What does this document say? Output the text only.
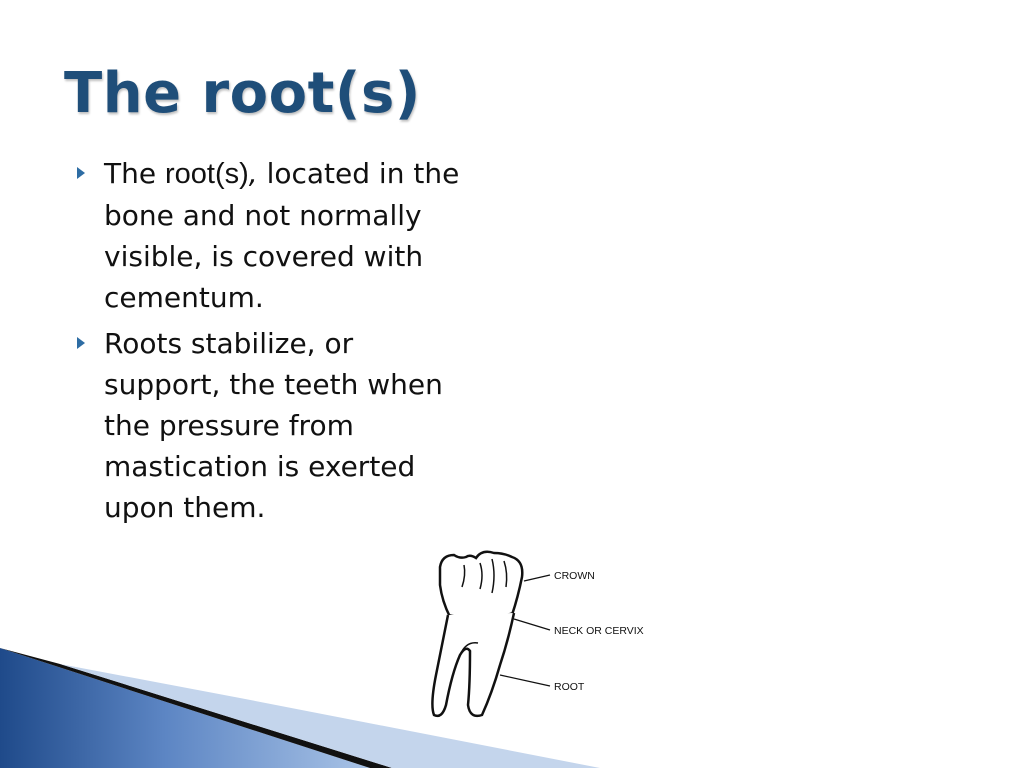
The root(s)
The root(s), located in the bone and not normally visible, is covered with cementum.
Roots stabilize, or support, the teeth when the pressure from mastication is exerted upon them.
CROWN
NECK OR CERVIX
ROOT
